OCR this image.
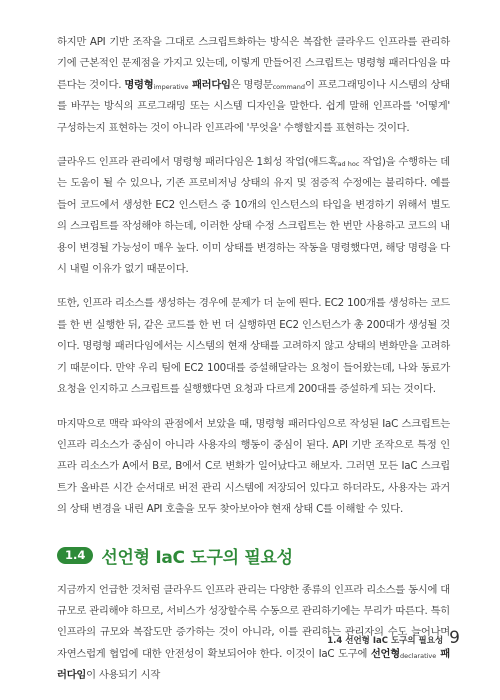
하지만 API 기반 조작을 그대로 스크립트화하는 방식은 복잡한 클라우드 인프라를 관리하기에 근본적인 문제점을 가지고 있는데, 이렇게 만들어진 스크립트는 명령형 패러다임을 따른다는 것이다. 명령형$_{imperative}$ 패러다임은 명령문$_{command}$이 프로그래밍이나 시스템의 상태를 바꾸는 방식의 프로그래밍 또는 시스템 디자인을 말한다. 쉽게 말해 인프라를 '어떻게' 구성하는지 표현하는 것이 아니라 인프라에 '무엇을' 수행할지를 표현하는 것이다.

클라우드 인프라 관리에서 명령형 패러다임은 1회성 작업(애드혹$_{ad hoc}$ 작업)을 수행하는 데는 도움이 될 수 있으나, 기존 프로비저닝 상태의 유지 및 점증적 수정에는 불리하다. 예를 들어 코드에서 생성한 EC2 인스턴스 중 10개의 인스턴스의 타입을 변경하기 위해서 별도의 스크립트를 작성해야 하는데, 이러한 상태 수정 스크립트는 한 번만 사용하고 코드의 내용이 변경될 가능성이 매우 높다. 이미 상태를 변경하는 작동을 명령했다면, 해당 명령을 다시 내릴 이유가 없기 때문이다.

또한, 인프라 리소스를 생성하는 경우에 문제가 더 눈에 띈다. EC2 100개를 생성하는 코드를 한 번 실행한 뒤, 같은 코드를 한 번 더 실행하면 EC2 인스턴스가 총 200대가 생성될 것이다. 명령형 패러다임에서는 시스템의 현재 상태를 고려하지 않고 상태의 변화만을 고려하기 때문이다. 만약 우리 팀에 EC2 100대를 증설해달라는 요청이 들어왔는데, 나와 동료가 요청을 인지하고 스크립트를 실행했다면 요청과 다르게 200대를 증설하게 되는 것이다.

마지막으로 맥락 파악의 관점에서 보았을 때, 명령형 패러다임으로 작성된 IaC 스크립트는 인프라 리소스가 중심이 아니라 사용자의 행동이 중심이 된다. API 기반 조작으로 특정 인프라 리소스가 A에서 B로, B에서 C로 변화가 일어났다고 해보자. 그러면 모든 IaC 스크립트가 올바른 시간 순서대로 버전 관리 시스템에 저장되어 있다고 하더라도, 사용자는 과거의 상태 변경을 내린 API 호출을 모두 찾아보아야 현재 상태 C를 이해할 수 있다.

1.4 선언형 IaC 도구의 필요성

지금까지 언급한 것처럼 클라우드 인프라 관리는 다양한 종류의 인프라 리소스를 동시에 대규모로 관리해야 하므로, 서비스가 성장할수록 수동으로 관리하기에는 무리가 따른다. 특히 인프라의 규모와 복잡도만 증가하는 것이 아니라, 이를 관리하는 관리자의 수도 늘어나며 자연스럽게 협업에 대한 안전성이 확보되어야 한다. 이것이 IaC 도구에 선언형$_{declarative}$ 패러다임이 사용되기 시작

1.4 선언형 IaC 도구의 필요성 9
